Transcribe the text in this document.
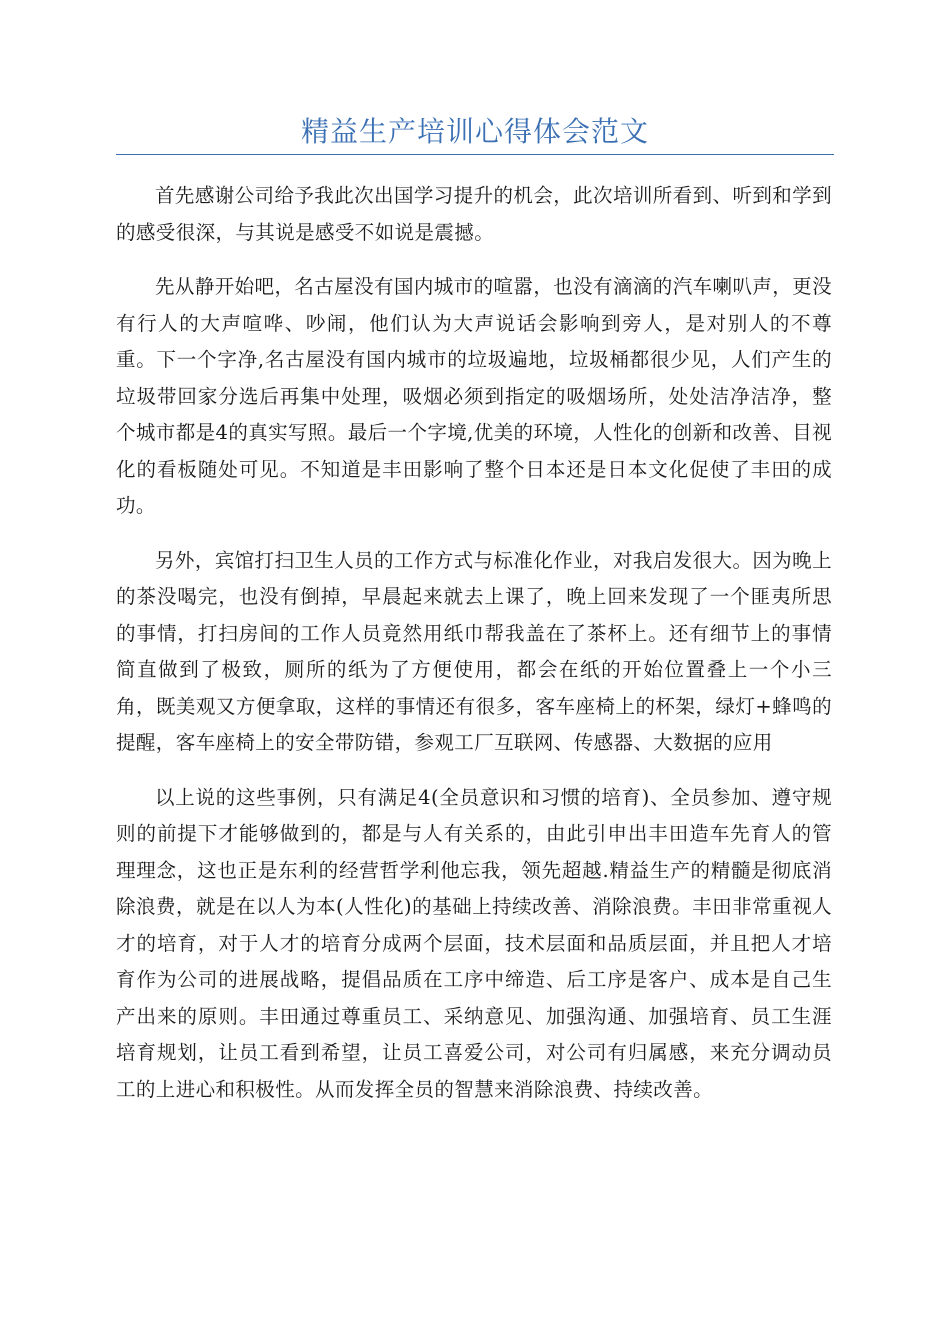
精益生产培训心得体会范文

首先感谢公司给予我此次出国学习提升的机会，此次培训所看到、听到和学到的感受很深，与其说是感受不如说是震撼。

先从静开始吧，名古屋没有国内城市的喧嚣，也没有滴滴的汽车喇叭声，更没有行人的大声喧哗、吵闹，他们认为大声说话会影响到旁人，是对别人的不尊重。下一个字净,名古屋没有国内城市的垃圾遍地，垃圾桶都很少见，人们产生的垃圾带回家分选后再集中处理，吸烟必须到指定的吸烟场所，处处洁净洁净，整个城市都是4的真实写照。最后一个字境,优美的环境，人性化的创新和改善、目视化的看板随处可见。不知道是丰田影响了整个日本还是日本文化促使了丰田的成功。

另外，宾馆打扫卫生人员的工作方式与标准化作业，对我启发很大。因为晚上的茶没喝完，也没有倒掉，早晨起来就去上课了，晚上回来发现了一个匪夷所思的事情，打扫房间的工作人员竟然用纸巾帮我盖在了茶杯上。还有细节上的事情简直做到了极致，厕所的纸为了方便使用，都会在纸的开始位置叠上一个小三角，既美观又方便拿取，这样的事情还有很多，客车座椅上的杯架，绿灯+蜂鸣的提醒，客车座椅上的安全带防错，参观工厂互联网、传感器、大数据的应用

以上说的这些事例，只有满足4(全员意识和习惯的培育)、全员参加、遵守规则的前提下才能够做到的，都是与人有关系的，由此引申出丰田造车先育人的管理理念，这也正是东利的经营哲学利他忘我，领先超越.精益生产的精髓是彻底消除浪费，就是在以人为本(人性化)的基础上持续改善、消除浪费。丰田非常重视人才的培育，对于人才的培育分成两个层面，技术层面和品质层面，并且把人才培育作为公司的进展战略，提倡品质在工序中缔造、后工序是客户、成本是自己生产出来的原则。丰田通过尊重员工、采纳意见、加强沟通、加强培育、员工生涯培育规划，让员工看到希望，让员工喜爱公司，对公司有归属感，来充分调动员工的上进心和积极性。从而发挥全员的智慧来消除浪费、持续改善。
